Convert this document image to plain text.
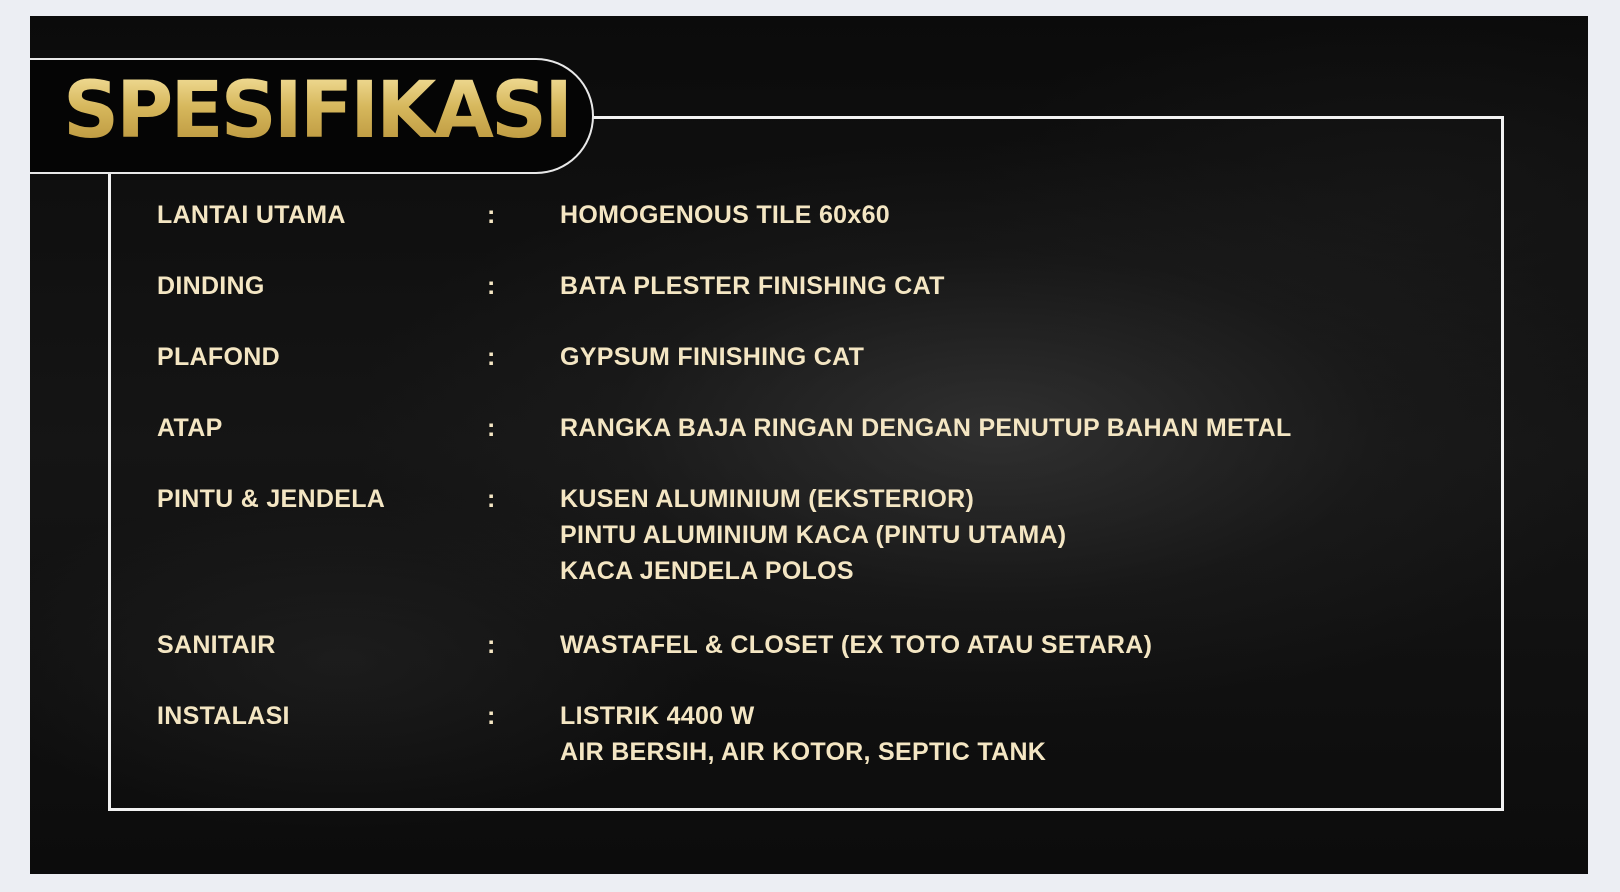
SPESIFIKASI
LANTAI UTAMA	:	HOMOGENOUS TILE 60x60
DINDING	:	BATA PLESTER FINISHING CAT
PLAFOND	:	GYPSUM FINISHING CAT
ATAP	:	RANGKA BAJA RINGAN DENGAN PENUTUP BAHAN METAL
PINTU & JENDELA	:	KUSEN ALUMINIUM (EKSTERIOR)
PINTU ALUMINIUM KACA (PINTU UTAMA)
KACA JENDELA POLOS
SANITAIR	:	WASTAFEL & CLOSET (EX TOTO ATAU SETARA)
INSTALASI	:	LISTRIK 4400 W
AIR BERSIH, AIR KOTOR, SEPTIC TANK
